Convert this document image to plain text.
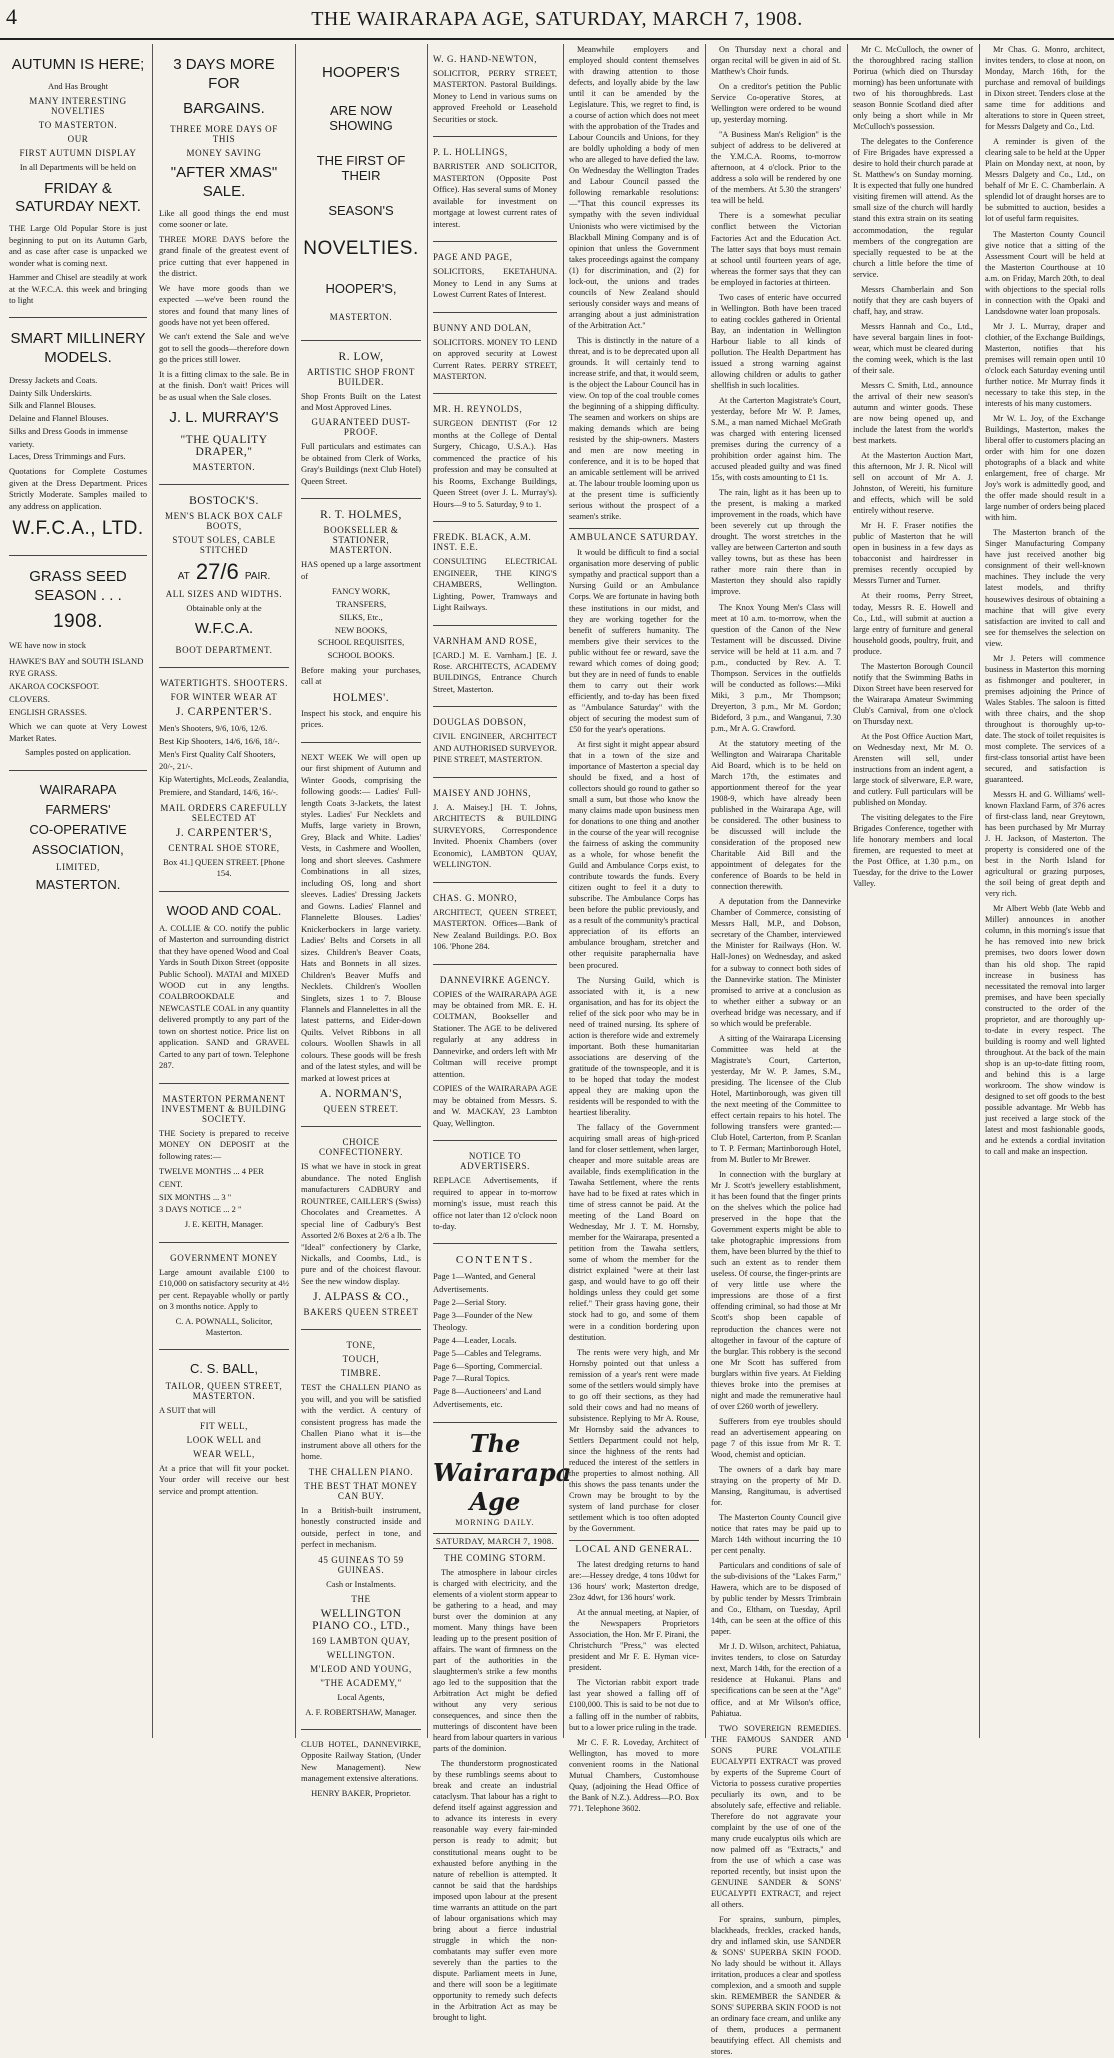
4	THE WAIRARAPA AGE, SATURDAY, MARCH 7, 1908.
AUTUMN IS HERE;
And Has Brought
MANY INTERESTING NOVELTIES
TO MASTERTON.
OUR
FIRST AUTUMN DISPLAY
In all Departments will be held on
FRIDAY & SATURDAY NEXT.
THE Large Old Popular Store is just beginning to put on its Autumn Garb, and as case after case is unpacked we wonder what is coming next.
Hammer and Chisel are steadily at work at the W.F.C.A. this week and bringing to light
SMART MILLINERY MODELS.
Dressy Jackets and Coats.
Dainty Silk Underskirts.
Silk and Flannel Blouses.
Delaine and Flannel Blouses.
Silks and Dress Goods in immense variety.
Laces, Dress Trimmings and Furs.
Quotations for Complete Costumes given at the Dress Department. Prices Strictly Moderate. Samples mailed to any address on application.
W.F.C.A., LTD.
GRASS SEED SEASON . . .
1908.
WE have now in stock
HAWKE'S BAY and SOUTH ISLAND RYE GRASS.
AKAROA COCKSFOOT.
CLOVERS.
ENGLISH GRASSES.
Which we can quote at Very Lowest Market Rates.
Samples posted on application.
WAIRARAPA
FARMERS'
CO-OPERATIVE
ASSOCIATION,
LIMITED,
MASTERTON.
3 DAYS MORE FOR
BARGAINS.
THREE MORE DAYS OF THIS
MONEY SAVING
"AFTER XMAS" SALE.
Like all good things the end must come sooner or late.
THREE MORE DAYS before the grand finale of the greatest event of price cutting that ever happened in the district.
We have more goods than we expected —we've been round the stores and found that many lines of goods have not yet been offered.
We can't extend the Sale and we've got to sell the goods—therefore down go the prices still lower.
It is a fitting climax to the sale. Be in at the finish. Don't wait! Prices will be as usual when the Sale closes.
J. L. MURRAY'S
"THE QUALITY DRAPER,"
MASTERTON.
BOSTOCK'S.
MEN'S BLACK BOX CALF BOOTS,
STOUT SOLES, CABLE STITCHED
AT 27/6 PAIR.
ALL SIZES AND WIDTHS.
Obtainable only at the
W.F.C.A.
BOOT DEPARTMENT.
WATERTIGHTS. SHOOTERS.
FOR WINTER WEAR AT
J. CARPENTER'S.
Men's Shooters, 9/6, 10/6, 12/6.
Best Kip Shooters, 14/6, 16/6, 18/-.
Men's First Quality Calf Shooters, 20/-, 21/-.
Kip Watertights, McLeods, Zealandia, Premiere, and Standard, 14/6, 16/-.
MAIL ORDERS CAREFULLY SELECTED AT
J. CARPENTER'S,
CENTRAL SHOE STORE,
Box 41.] QUEEN STREET. [Phone 154.
WOOD AND COAL.
A. COLLIE & CO. notify the public of Masterton and surrounding district that they have opened Wood and Coal Yards in South Dixon Street (opposite Public School). MATAI and MIXED WOOD cut in any lengths. COALBROOKDALE and NEWCASTLE COAL in any quantity delivered promptly to any part of the town on shortest notice. Price list on application. SAND and GRAVEL Carted to any part of town. Telephone 287.
MASTERTON PERMANENT INVESTMENT & BUILDING SOCIETY.
THE Society is prepared to receive MONEY ON DEPOSIT at the following rates:—
TWELVE MONTHS ... 4 PER CENT.
SIX MONTHS ... 3 "
3 DAYS NOTICE ... 2 "
J. E. KEITH, Manager.
GOVERNMENT MONEY
Large amount available £100 to £10,000 on satisfactory security at 4½ per cent. Repayable wholly or partly on 3 months notice. Apply to
C. A. POWNALL, Solicitor, Masterton.
C. S. BALL,
TAILOR, QUEEN STREET, MASTERTON.
A SUIT that will
FIT WELL,
LOOK WELL and
WEAR WELL,
At a price that will fit your pocket. Your order will receive our best service and prompt attention.
HOOPER'S
ARE NOW SHOWING
THE FIRST OF THEIR
SEASON'S
NOVELTIES.
HOOPER'S,
MASTERTON.
R. LOW,
ARTISTIC SHOP FRONT BUILDER.
Shop Fronts Built on the Latest and Most Approved Lines.
GUARANTEED DUST-PROOF.
Full particulars and estimates can be obtained from Clerk of Works, Gray's Buildings (next Club Hotel) Queen Street.
R. T. HOLMES,
BOOKSELLER & STATIONER, MASTERTON.
HAS opened up a large assortment of
FANCY WORK,
TRANSFERS,
SILKS, Etc.,
NEW BOOKS,
SCHOOL REQUISITES,
SCHOOL BOOKS.
Before making your purchases, call at
HOLMES'.
Inspect his stock, and enquire his prices.
NEXT WEEK We will open up our first shipment of Autumn and Winter Goods, comprising the following goods:— Ladies' Full-length Coats 3-Jackets, the latest styles. Ladies' Fur Necklets and Muffs, large variety in Brown, Grey, Black and White. Ladies' Vests, in Cashmere and Woollen, long and short sleeves. Cashmere Combinations in all sizes, including OS, long and short sleeves. Ladies' Dressing Jackets and Gowns. Ladies' Flannel and Flannelette Blouses. Ladies' Knickerbockers in large variety. Ladies' Belts and Corsets in all sizes. Children's Beaver Coats, Hats and Bonnets in all sizes. Children's Beaver Muffs and Necklets. Children's Woollen Singlets, sizes 1 to 7. Blouse Flannels and Flannelettes in all the latest patterns, and Eider-down Quilts. Velvet Ribbons in all colours. Woollen Shawls in all colours. These goods will be fresh and of the latest styles, and will be marked at lowest prices at
A. NORMAN'S,
QUEEN STREET.
CHOICE CONFECTIONERY.
IS what we have in stock in great abundance. The noted English manufacturers CADBURY and ROUNTREE, CAILLER'S (Swiss) Chocolates and Creamettes. A special line of Cadbury's Best Assorted 2/6 Boxes at 2/6 a lb. The "Ideal" confectionery by Clarke, Nickalls, and Coombs, Ltd., is pure and of the choicest flavour. See the new window display.
J. ALPASS & CO.,
BAKERS QUEEN STREET
TONE,
TOUCH,
TIMBRE.
TEST the CHALLEN PIANO as you will, and you will be satisfied with the verdict. A century of consistent progress has made the Challen Piano what it is—the instrument above all others for the home.
THE CHALLEN PIANO.
THE BEST THAT MONEY CAN BUY.
In a British-built instrument, honestly constructed inside and outside, perfect in tone, and perfect in mechanism.
45 GUINEAS TO 59 GUINEAS.
Cash or Instalments.
THE
WELLINGTON PIANO CO., LTD.,
169 LAMBTON QUAY,
WELLINGTON.
M'LEOD AND YOUNG,
"THE ACADEMY,"
Local Agents,
A. F. ROBERTSHAW, Manager.
CLUB HOTEL, DANNEVIRKE, Opposite Railway Station, (Under New Management). New management extensive alterations.
HENRY BAKER, Proprietor.
W. G. HAND-NEWTON,
SOLICITOR, PERRY STREET, MASTERTON. Pastoral Buildings. Money to Lend in various sums on approved Freehold or Leasehold Securities or stock.
P. L. HOLLINGS,
BARRISTER AND SOLICITOR, MASTERTON (Opposite Post Office). Has several sums of Money available for investment on mortgage at lowest current rates of interest.
PAGE AND PAGE,
SOLICITORS, EKETAHUNA. Money to Lend in any Sums at Lowest Current Rates of Interest.
BUNNY AND DOLAN,
SOLICITORS. MONEY TO LEND on approved security at Lowest Current Rates. PERRY STREET, MASTERTON.
MR. H. REYNOLDS,
SURGEON DENTIST (For 12 months at the College of Dental Surgery, Chicago, U.S.A.). Has commenced the practice of his profession and may be consulted at his Rooms, Exchange Buildings, Queen Street (over J. L. Murray's). Hours—9 to 5. Saturday, 9 to 1.
FREDK. BLACK, A.M. INST. E.E.
CONSULTING ELECTRICAL ENGINEER, THE KING'S CHAMBERS, Wellington. Lighting, Power, Tramways and Light Railways.
VARNHAM AND ROSE,
[CARD.] M. E. Varnham.] [E. J. Rose. ARCHITECTS, ACADEMY BUILDINGS, Entrance Church Street, Masterton.
DOUGLAS DOBSON,
CIVIL ENGINEER, ARCHITECT AND AUTHORISED SURVEYOR. PINE STREET, MASTERTON.
MAISEY AND JOHNS,
J. A. Maisey.] [H. T. Johns, ARCHITECTS & BUILDING SURVEYORS, Correspondence Invited. Phoenix Chambers (over Economic), LAMBTON QUAY, WELLINGTON.
CHAS. G. MONRO,
ARCHITECT, QUEEN STREET, MASTERTON. Offices—Bank of New Zealand Buildings. P.O. Box 106. 'Phone 284.
DANNEVIRKE AGENCY.
COPIES of the WAIRARAPA AGE may be obtained from MR. E. H. COLTMAN, Bookseller and Stationer. The AGE to be delivered regularly at any address in Dannevirke, and orders left with Mr Coltman will receive prompt attention.
COPIES of the WAIRARAPA AGE may be obtained from Messrs. S. and W. MACKAY, 23 Lambton Quay, Wellington.
NOTICE TO ADVERTISERS.
REPLACE Advertisements, if required to appear in to-morrow morning's issue, must reach this office not later than 12 o'clock noon to-day.
CONTENTS.
Page 1—Wanted, and General Advertisements.
Page 2—Serial Story.
Page 3—Founder of the New Theology.
Page 4—Leader, Locals.
Page 5—Cables and Telegrams.
Page 6—Sporting, Commercial.
Page 7—Rural Topics.
Page 8—Auctioneers' and Land Advertisements, etc.
The Wairarapa Age
MORNING DAILY.
SATURDAY, MARCH 7, 1908.
THE COMING STORM.

The atmosphere in labour circles is charged with electricity, and the elements of a violent storm appear to be gathering to a head, and may burst over the dominion at any moment. Many things have been leading up to the present position of affairs. The want of firmness on the part of the authorities in the slaughtermen's strike a few months ago led to the supposition that the Arbitration Act might be defied without any very serious consequences, and since then the mutterings of discontent have been heard from labour quarters in various parts of the dominion.

The thunderstorm prognosticated by these rumblings seems about to break and create an industrial cataclysm. That labour has a right to defend itself against aggression and to advance its interests in every reasonable way every fair-minded person is ready to admit; but constitutional means ought to be exhausted before anything in the nature of rebellion is attempted. It cannot be said that the hardships imposed upon labour at the present time warrants an attitude on the part of labour organisations which may bring about a fierce industrial struggle in which the non-combatants may suffer even more severely than the parties to the dispute. Parliament meets in June, and there will soon be a legitimate opportunity to remedy such defects in the Arbitration Act as may be brought to light.

Meanwhile employers and employed should content themselves with drawing attention to those defects, and loyally abide by the law until it can be amended by the Legislature. This, we regret to find, is a course of action which does not meet with the approbation of the Trades and Labour Councils and Unions, for they are boldly upholding a body of men who are alleged to have defied the law. On Wednesday the Wellington Trades and Labour Council passed the following remarkable resolutions:—"That this council expresses its sympathy with the seven individual Unionists who were victimised by the Blackball Mining Company and is of opinion that unless the Government takes proceedings against the company (1) for discrimination, and (2) for lock-out, the unions and trades councils of New Zealand should seriously consider ways and means of arranging about a just administration of the Arbitration Act."

This is distinctly in the nature of a threat, and is to be deprecated upon all grounds. It will certainly tend to increase strife, and that, it would seem, is the object the Labour Council has in view. On top of the coal trouble comes the beginning of a shipping difficulty. The seamen and workers on ships are making demands which are being resisted by the ship-owners. Masters and men are now meeting in conference, and it is to be hoped that an amicable settlement will be arrived at. The labour trouble looming upon us at the present time is sufficiently serious without the prospect of a seamen's strike.

AMBULANCE SATURDAY.

It would be difficult to find a social organisation more deserving of public sympathy and practical support than a Nursing Guild or an Ambulance Corps. We are fortunate in having both these institutions in our midst, and they are working together for the benefit of sufferers humanity. The members give their services to the public without fee or reward, save the reward which comes of doing good; but they are in need of funds to enable them to carry out their work efficiently, and to-day has been fixed as "Ambulance Saturday" with the object of securing the modest sum of £50 for the year's operations.

At first sight it might appear absurd that in a town of the size and importance of Masterton a special day should be fixed, and a host of collectors should go round to gather so small a sum, but those who know the many claims made upon business men for donations to one thing and another in the course of the year will recognise the fairness of asking the community as a whole, for whose benefit the Guild and Ambulance Corps exist, to contribute towards the funds. Every citizen ought to feel it a duty to subscribe. The Ambulance Corps has been before the public previously, and as a result of the community's practical appreciation of its efforts an ambulance brougham, stretcher and other requisite paraphernalia have been procured.

The Nursing Guild, which is associated with it, is a new organisation, and has for its object the relief of the sick poor who may be in need of trained nursing. Its sphere of action is therefore wide and extremely important. Both these humanitarian associations are deserving of the gratitude of the townspeople, and it is to be hoped that today the modest appeal they are making upon the residents will be responded to with the heartiest liberality.

The fallacy of the Government acquiring small areas of high-priced land for closer settlement, when larger, cheaper and more suitable areas are available, finds exemplification in the Tawaha Settlement, where the rents have had to be fixed at rates which in time of stress cannot be paid. At the meeting of the Land Board on Wednesday, Mr J. T. M. Hornsby, member for the Wairarapa, presented a petition from the Tawaha settlers, some of whom the member for the district explained "were at their last gasp, and would have to go off their holdings unless they could get some relief." Their grass having gone, their stock had to go, and some of them were in a condition bordering upon destitution.

The rents were very high, and Mr Hornsby pointed out that unless a remission of a year's rent were made some of the settlers would simply have to go off their sections, as they had sold their cows and had no means of subsistence. Replying to Mr A. Rouse, Mr Hornsby said the advances to Settlers Department could not help, since the highness of the rents had reduced the interest of the settlers in the properties to almost nothing. All this shows the pass tenants under the Crown may be brought to by the system of land purchase for closer settlement which is too often adopted by the Government.

LOCAL AND GENERAL.

The latest dredging returns to hand are:—Hessey dredge, 4 tons 10dwt for 136 hours' work; Masterton dredge, 23oz 4dwt, for 136 hours' work.

At the annual meeting, at Napier, of the Newspapers Proprietors Association, the Hon. Mr F. Pirani, the Christchurch "Press," was elected president and Mr F. E. Hyman vice-president.

The Victorian rabbit export trade last year showed a falling off of £100,000. This is said to be not due to a falling off in the number of rabbits, but to a lower price ruling in the trade.

Mr C. F. R. Loveday, Architect of Wellington, has moved to more convenient rooms in the National Mutual Chambers, Customhouse Quay, (adjoining the Head Office of the Bank of N.Z.). Address—P.O. Box 771. Telephone 3602.

On Thursday next a choral and organ recital will be given in aid of St. Matthew's Choir funds.

On a creditor's petition the Public Service Co-operative Stores, at Wellington were ordered to be wound up, yesterday morning.

"A Business Man's Religion" is the subject of address to be delivered at the Y.M.C.A. Rooms, to-morrow afternoon, at 4 o'clock. Prior to the address a solo will be rendered by one of the members. At 5.30 the strangers' tea will be held.

There is a somewhat peculiar conflict between the Victorian Factories Act and the Education Act. The latter says that boys must remain at school until fourteen years of age, whereas the former says that they can be employed in factories at thirteen.

Two cases of enteric have occurred in Wellington. Both have been traced to eating cockles gathered in Oriental Bay, an indentation in Wellington Harbour liable to all kinds of pollution. The Health Department has issued a strong warning against allowing children or adults to gather shellfish in such localities.

At the Carterton Magistrate's Court, yesterday, before Mr W. P. James, S.M., a man named Michael McGrath was charged with entering licensed premises during the currency of a prohibition order against him. The accused pleaded guilty and was fined 15s, with costs amounting to £1 1s.

The rain, light as it has been up to the present, is making a marked improvement in the roads, which have been severely cut up through the drought. The worst stretches in the valley are between Carterton and south valley towns, but as these has been rather more rain there than in Masterton they should also rapidly improve.

The Knox Young Men's Class will meet at 10 a.m. to-morrow, when the question of the Canon of the New Testament will be discussed. Divine service will be held at 11 a.m. and 7 p.m., conducted by Rev. A. T. Thompson. Services in the outfields will be conducted as follows:—Miki Miki, 3 p.m., Mr Thompson; Dreyerton, 3 p.m., Mr M. Gordon; Bideford, 3 p.m., and Wanganui, 7.30 p.m., Mr A. G. Crawford.

At the statutory meeting of the Wellington and Wairarapa Charitable Aid Board, which is to be held on March 17th, the estimates and apportionment thereof for the year 1908-9, which have already been published in the Wairarapa Age, will be considered. The other business to be discussed will include the consideration of the proposed new Charitable Aid Bill and the appointment of delegates for the conference of Boards to be held in connection therewith.

A deputation from the Dannevirke Chamber of Commerce, consisting of Messrs Hall, M.P., and Dobson, secretary of the Chamber, interviewed the Minister for Railways (Hon. W. Hall-Jones) on Wednesday, and asked for a subway to connect both sides of the Dannevirke station. The Minister promised to arrive at a conclusion as to whether either a subway or an overhead bridge was necessary, and if so which would be preferable.

A sitting of the Wairarapa Licensing Committee was held at the Magistrate's Court, Carterton, yesterday, Mr W. P. James, S.M., presiding. The licensee of the Club Hotel, Martinborough, was given till the next meeting of the Committee to effect certain repairs to his hotel. The following transfers were granted:—Club Hotel, Carterton, from P. Scanlan to T. P. Ferman; Martinborough Hotel, from M. Butler to Mr Brewer.

In connection with the burglary at Mr J. Scott's jewellery establishment, it has been found that the finger prints on the shelves which the police had preserved in the hope that the Government experts might be able to take photographic impressions from them, have been blurred by the thief to such an extent as to render them useless. Of course, the finger-prints are of very little use where the impressions are those of a first offending criminal, so had those at Mr Scott's shop been capable of reproduction the chances were not altogether in favour of the capture of the burglar. This robbery is the second one Mr Scott has suffered from burglars within five years. At Fielding thieves broke into the premises at night and made the remunerative haul of over £260 worth of jewellery.

Sufferers from eye troubles should read an advertisement appearing on page 7 of this issue from Mr R. T. Wood, chemist and optician.

The owners of a dark bay mare straying on the property of Mr D. Mansing, Rangitumau, is advertised for.

The Masterton County Council give notice that rates may be paid up to March 14th without incurring the 10 per cent penalty.

Particulars and conditions of sale of the sub-divisions of the "Lakes Farm," Hawera, which are to be disposed of by public tender by Messrs Trimbrain and Co., Eltham, on Tuesday, April 14th, can be seen at the office of this paper.

Mr J. D. Wilson, architect, Pahiatua, invites tenders, to close on Saturday next, March 14th, for the erection of a residence at Hukanui. Plans and specifications can be seen at the "Age" office, and at Mr Wilson's office, Pahiatua.

TWO SOVEREIGN REMEDIES. THE FAMOUS SANDER AND SONS PURE VOLATILE EUCALYPTI EXTRACT was proved by experts of the Supreme Court of Victoria to possess curative properties peculiarly its own, and to be absolutely safe, effective and reliable. Therefore do not aggravate your complaint by the use of one of the many crude eucalyptus oils which are now palmed off as "Extracts," and from the use of which a case was reported recently, but insist upon the GENUINE SANDER & SONS' EUCALYPTI EXTRACT, and reject all others.

For sprains, sunburn, pimples, blackheads, freckles, cracked hands, dry and inflamed skin, use SANDER & SONS' SUPERBA SKIN FOOD. No lady should be without it. Allays irritation, produces a clear and spotless complexion, and a smooth and supple skin. REMEMBER the SANDER & SONS' SUPERBA SKIN FOOD is not an ordinary face cream, and unlike any of them, produces a permanent beautifying effect. All chemists and stores.

Mr C. McCulloch, the owner of the thoroughbred racing stallion Porirua (which died on Thursday morning) has been unfortunate with two of his thoroughbreds. Last season Bonnie Scotland died after only being a short while in Mr McCulloch's possession.

The delegates to the Conference of Fire Brigades have expressed a desire to hold their church parade at St. Matthew's on Sunday morning. It is expected that fully one hundred visiting firemen will attend. As the small size of the church will hardly stand this extra strain on its seating accommodation, the regular members of the congregation are specially requested to be at the church a little before the time of service.

Messrs Chamberlain and Son notify that they are cash buyers of chaff, hay, and straw.

Messrs Hannah and Co., Ltd., have several bargain lines in foot-wear, which must be cleared during the coming week, which is the last of their sale.

Messrs C. Smith, Ltd., announce the arrival of their new season's autumn and winter goods. These are now being opened up, and include the latest from the world's best markets.

At the Masterton Auction Mart, this afternoon, Mr J. R. Nicol will sell on account of Mr A. J. Johnston, of Wereiti, his furniture and effects, which will be sold entirely without reserve.

Mr H. F. Fraser notifies the public of Masterton that he will open in business in a few days as tobacconist and hairdresser in premises recently occupied by Messrs Turner and Turner.

At their rooms, Perry Street, today, Messrs R. E. Howell and Co., Ltd., will submit at auction a large entry of furniture and general household goods, poultry, fruit, and produce.

The Masterton Borough Council notify that the Swimming Baths in Dixon Street have been reserved for the Wairarapa Amateur Swimming Club's Carnival, from one o'clock on Thursday next.

At the Post Office Auction Mart, on Wednesday next, Mr M. O. Arensten will sell, under instructions from an indent agent, a large stock of silverware, E.P. ware, and cutlery. Full particulars will be published on Monday.

The visiting delegates to the Fire Brigades Conference, together with life honorary members and local firemen, are requested to meet at the Post Office, at 1.30 p.m., on Tuesday, for the drive to the Lower Valley.

Mr Chas. G. Monro, architect, invites tenders, to close at noon, on Monday, March 16th, for the purchase and removal of buildings in Dixon street. Tenders close at the same time for additions and alterations to store in Queen street, for Messrs Dalgety and Co., Ltd.

A reminder is given of the clearing sale to be held at the Upper Plain on Monday next, at noon, by Messrs Dalgety and Co., Ltd., on behalf of Mr E. C. Chamberlain. A splendid lot of draught horses are to be submitted to auction, besides a lot of useful farm requisites.

The Masterton County Council give notice that a sitting of the Assessment Court will be held at the Masterton Courthouse at 10 a.m. on Friday, March 20th, to deal with objections to the special rolls in connection with the Opaki and Landsdowne water loan proposals.

Mr J. L. Murray, draper and clothier, of the Exchange Buildings, Masterton, notifies that his premises will remain open until 10 o'clock each Saturday evening until further notice. Mr Murray finds it necessary to take this step, in the interests of his many customers.

Mr W. L. Joy, of the Exchange Buildings, Masterton, makes the liberal offer to customers placing an order with him for one dozen photographs of a black and white enlargement, free of charge. Mr Joy's work is admittedly good, and the offer made should result in a large number of orders being placed with him.

The Masterton branch of the Singer Manufacturing Company have just received another big consignment of their well-known machines. They include the very latest models, and thrifty housewives desirous of obtaining a machine that will give every satisfaction are invited to call and see for themselves the selection on view.

Mr J. Peters will commence business in Masterton this morning as fishmonger and poulterer, in premises adjoining the Prince of Wales Stables. The saloon is fitted with three chairs, and the shop throughout is thoroughly up-to-date. The stock of toilet requisites is most complete. The services of a first-class tonsorial artist have been secured, and satisfaction is guaranteed.

Messrs H. and G. Williams' well-known Flaxland Farm, of 376 acres of first-class land, near Greytown, has been purchased by Mr Murray J. H. Jackson, of Masterton. The property is considered one of the best in the North Island for agricultural or grazing purposes, the soil being of great depth and very rich.

Mr Albert Webb (late Webb and Miller) announces in another column, in this morning's issue that he has removed into new brick premises, two doors lower down than his old shop. The rapid increase in business has necessitated the removal into larger premises, and have been specially constructed to the order of the proprietor, and are thoroughly up-to-date in every respect. The building is roomy and well lighted throughout. At the back of the main shop is an up-to-date fitting room, and behind this is a large workroom. The show window is designed to set off goods to the best possible advantage. Mr Webb has just received a large stock of the latest and most fashionable goods, and he extends a cordial invitation to call and make an inspection.
